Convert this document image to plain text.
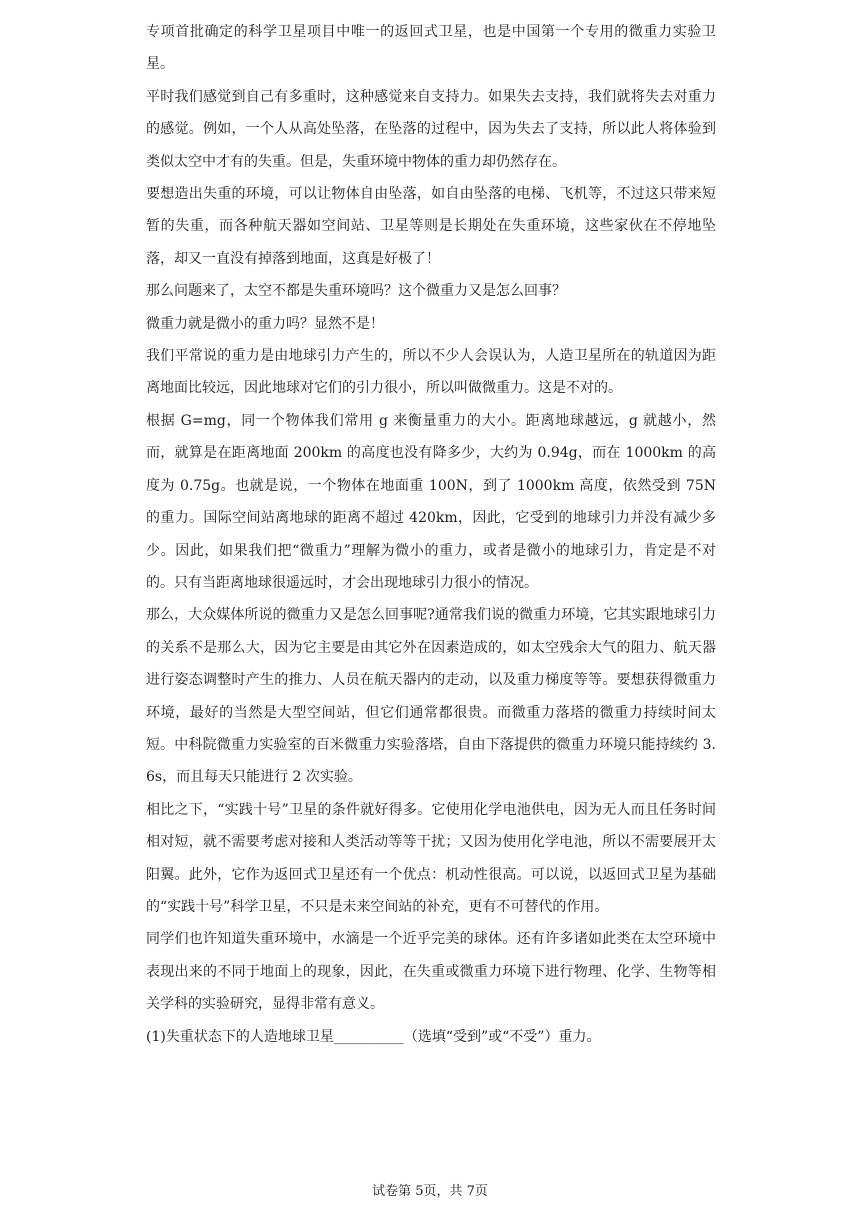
专项首批确定的科学卫星项目中唯一的返回式卫星，也是中国第一个专用的微重力实验卫星。

平时我们感觉到自己有多重时，这种感觉来自支持力。如果失去支持，我们就将失去对重力的感觉。例如，一个人从高处坠落，在坠落的过程中，因为失去了支持，所以此人将体验到类似太空中才有的失重。但是，失重环境中物体的重力却仍然存在。

要想造出失重的环境，可以让物体自由坠落，如自由坠落的电梯、飞机等，不过这只带来短暂的失重，而各种航天器如空间站、卫星等则是长期处在失重环境，这些家伙在不停地坠落，却又一直没有掉落到地面，这真是好极了！

那么问题来了，太空不都是失重环境吗？这个微重力又是怎么回事？

微重力就是微小的重力吗？显然不是！

我们平常说的重力是由地球引力产生的，所以不少人会误认为，人造卫星所在的轨道因为距离地面比较远，因此地球对它们的引力很小，所以叫做微重力。这是不对的。

根据 G=mg，同一个物体我们常用 g 来衡量重力的大小。距离地球越远，g 就越小，然而，就算是在距离地面 200km 的高度也没有降多少，大约为 0.94g，而在 1000km 的高度为 0.75g。也就是说，一个物体在地面重 100N，到了 1000km 高度，依然受到 75N 的重力。国际空间站离地球的距离不超过 420km，因此，它受到的地球引力并没有减少多少。因此，如果我们把“微重力”理解为微小的重力，或者是微小的地球引力，肯定是不对的。只有当距离地球很遥远时，才会出现地球引力很小的情况。

那么，大众媒体所说的微重力又是怎么回事呢?通常我们说的微重力环境，它其实跟地球引力的关系不是那么大，因为它主要是由其它外在因素造成的，如太空残余大气的阻力、航天器进行姿态调整时产生的推力、人员在航天器内的走动，以及重力梯度等等。要想获得微重力环境，最好的当然是大型空间站，但它们通常都很贵。而微重力落塔的微重力持续时间太短。中科院微重力实验室的百米微重力实验落塔，自由下落提供的微重力环境只能持续约 3.6s，而且每天只能进行 2 次实验。

相比之下，“实践十号”卫星的条件就好得多。它使用化学电池供电，因为无人而且任务时间相对短，就不需要考虑对接和人类活动等等干扰；又因为使用化学电池，所以不需要展开太阳翼。此外，它作为返回式卫星还有一个优点：机动性很高。可以说，以返回式卫星为基础的“实践十号”科学卫星，不只是未来空间站的补充，更有不可替代的作用。

同学们也许知道失重环境中，水滴是一个近乎完美的球体。还有许多诸如此类在太空环境中表现出来的不同于地面上的现象，因此，在失重或微重力环境下进行物理、化学、生物等相关学科的实验研究，显得非常有意义。

(1)失重状态下的人造地球卫星__________（选填“受到”或“不受”）重力。

试卷第 5页，共 7页
